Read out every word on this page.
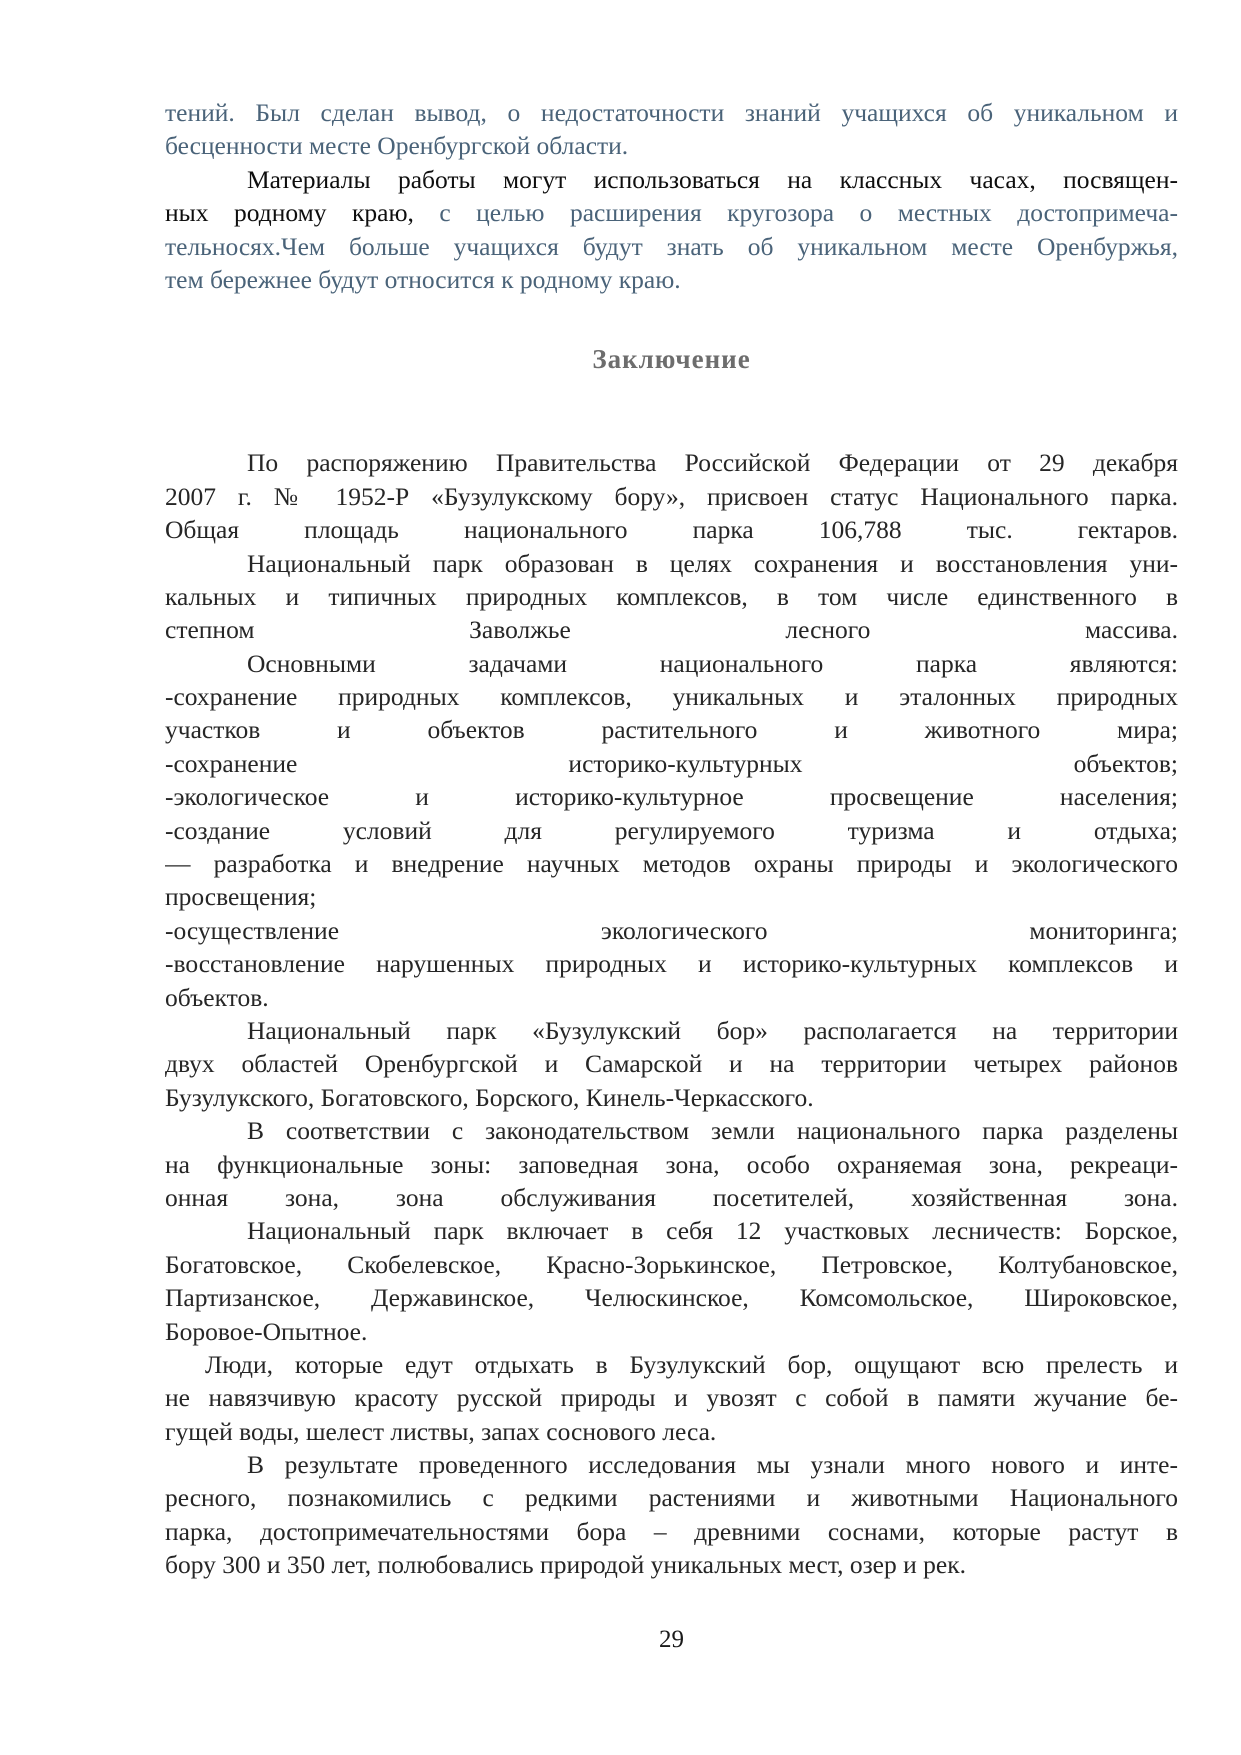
тений. Был сделан вывод, о недостаточности знаний учащихся об уникальном и
бесценности месте Оренбургской области.
Материалы работы могут использоваться на классных часах, посвящен-
ных родному краю, с целью расширения кругозора о местных достопримеча-
тельносях.Чем больше учащихся будут знать об уникальном месте Оренбуржья,
тем бережнее будут относится к родному краю.
Заключение
По распоряжению Правительства Российской Федерации от 29 декабря
2007 г. № 1952-Р «Бузулукскому бору», присвоен статус Национального парка.
Общая площадь национального парка 106,788 тыс. гектаров.
Национальный парк образован в целях сохранения и восстановления уни-
кальных и типичных природных комплексов, в том числе единственного в
степном Заволжье лесного массива.
Основными задачами национального парка являются:
-сохранение природных комплексов, уникальных и эталонных природных
участков и объектов растительного и животного мира;
-сохранение историко-культурных объектов;
-экологическое и историко-культурное просвещение населения;
-создание условий для регулируемого туризма и отдыха;
— разработка и внедрение научных методов охраны природы и экологического
просвещения;
-осуществление экологического мониторинга;
-восстановление нарушенных природных и историко-культурных комплексов и
объектов.
Национальный парк «Бузулукский бор» располагается на территории
двух областей Оренбургской и Самарской и на территории четырех районов
Бузулукского, Богатовского, Борского, Кинель-Черкасского.
В соответствии с законодательством земли национального парка разделены
на функциональные зоны: заповедная зона, особо охраняемая зона, рекреаци-
онная зона, зона обслуживания посетителей, хозяйственная зона.
Национальный парк включает в себя 12 участковых лесничеств: Борское,
Богатовское, Скобелевское, Красно-Зорькинское, Петровское, Колтубановское,
Партизанское, Державинское, Челюскинское, Комсомольское, Широковское,
Боровое-Опытное.
Люди, которые едут отдыхать в Бузулукский бор, ощущают всю прелесть и
не навязчивую красоту русской природы и увозят с собой в памяти жучание бе-
гущей воды, шелест листвы, запах соснового леса.
В результате проведенного исследования мы узнали много нового и инте-
ресного, познакомились с редкими растениями и животными Национального
парка, достопримечательностями бора – древними соснами, которые растут в
бору 300 и 350 лет, полюбовались природой уникальных мест, озер и рек.
29
